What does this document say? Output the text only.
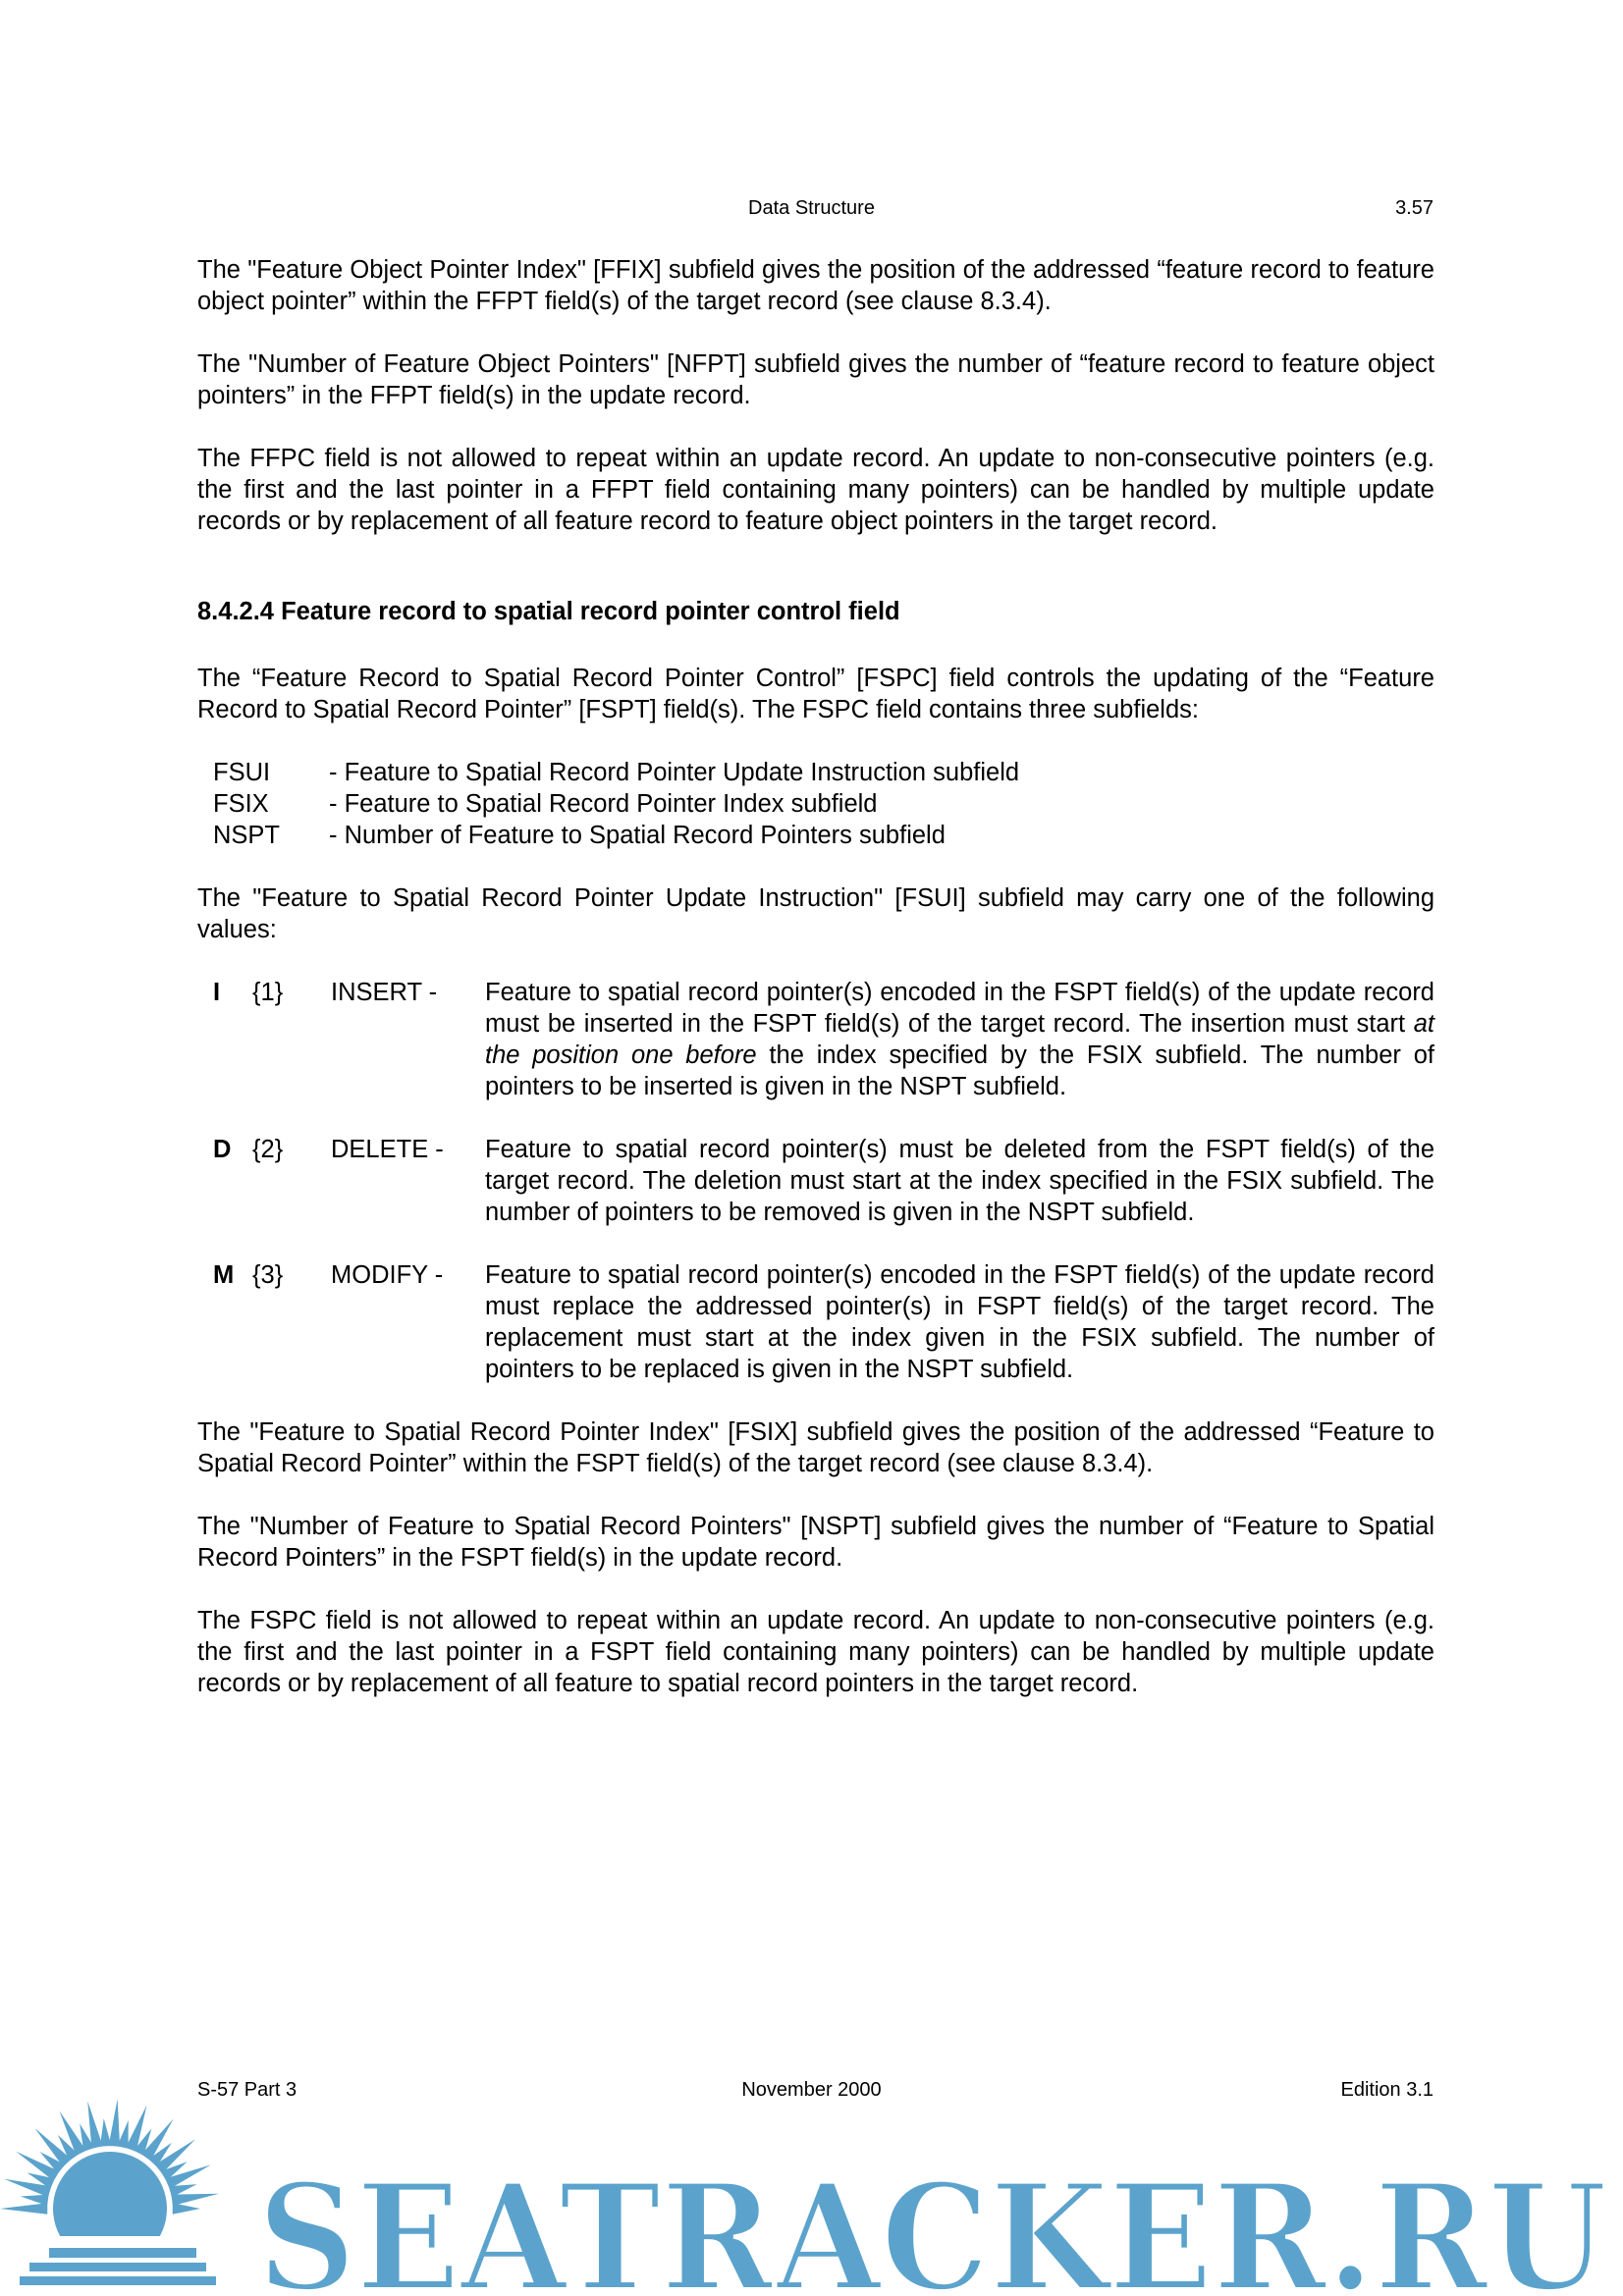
Data Structure	3.57

The "Feature Object Pointer Index" [FFIX] subfield gives the position of the addressed “feature record to feature object pointer” within the FFPT field(s) of the target record (see clause 8.3.4).

The "Number of Feature Object Pointers" [NFPT] subfield gives the number of “feature record to feature object pointers” in the FFPT field(s) in the update record.

The FFPC field is not allowed to repeat within an update record. An update to non-consecutive pointers (e.g. the first and the last pointer in a FFPT field containing many pointers) can be handled by multiple update records or by replacement of all feature record to feature object pointers in the target record.

8.4.2.4 Feature record to spatial record pointer control field

The “Feature Record to Spatial Record Pointer Control” [FSPC] field controls the updating of the “Feature Record to Spatial Record Pointer” [FSPT] field(s). The FSPC field contains three subfields:

FSUI - Feature to Spatial Record Pointer Update Instruction subfield
FSIX - Feature to Spatial Record Pointer Index subfield
NSPT - Number of Feature to Spatial Record Pointers subfield

The "Feature to Spatial Record Pointer Update Instruction" [FSUI] subfield may carry one of the following values:

I {1} INSERT - Feature to spatial record pointer(s) encoded in the FSPT field(s) of the update record must be inserted in the FSPT field(s) of the target record. The insertion must start at the position one before the index specified by the FSIX subfield. The number of pointers to be inserted is given in the NSPT subfield.
D {2} DELETE - Feature to spatial record pointer(s) must be deleted from the FSPT field(s) of the target record. The deletion must start at the index specified in the FSIX subfield. The number of pointers to be removed is given in the NSPT subfield.
M {3} MODIFY - Feature to spatial record pointer(s) encoded in the FSPT field(s) of the update record must replace the addressed pointer(s) in FSPT field(s) of the target record. The replacement must start at the index given in the FSIX subfield. The number of pointers to be replaced is given in the NSPT subfield.

The "Feature to Spatial Record Pointer Index" [FSIX] subfield gives the position of the addressed “Feature to Spatial Record Pointer” within the FSPT field(s) of the target record (see clause 8.3.4).

The "Number of Feature to Spatial Record Pointers" [NSPT] subfield gives the number of “Feature to Spatial Record Pointers” in the FSPT field(s) in the update record.

The FSPC field is not allowed to repeat within an update record. An update to non-consecutive pointers (e.g. the first and the last pointer in a FSPT field containing many pointers) can be handled by multiple update records or by replacement of all feature to spatial record pointers in the target record.

S-57 Part 3	November 2000	Edition 3.1
SEATRACKER.RU
